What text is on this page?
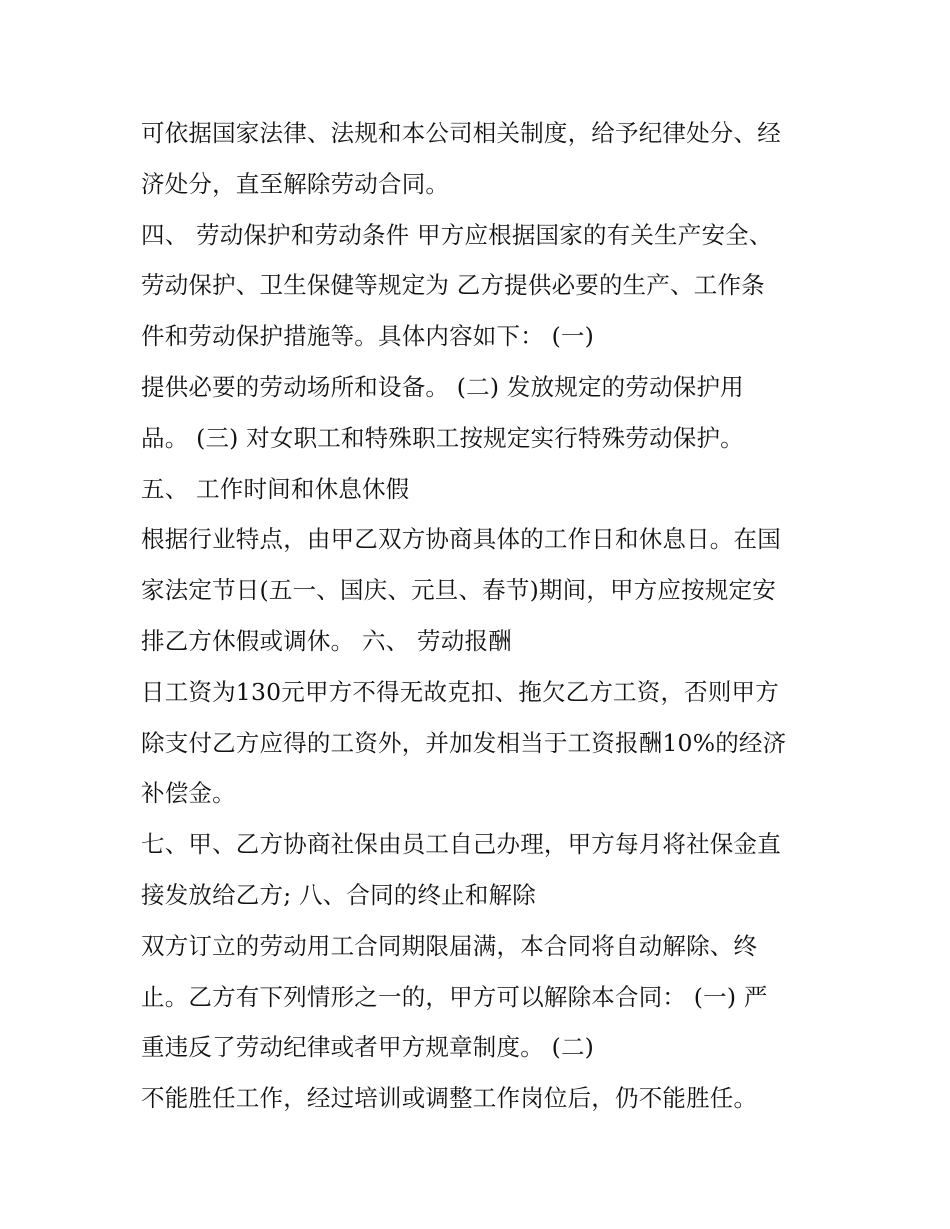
可依据国家法律、法规和本公司相关制度，给予纪律处分、经
济处分，直至解除劳动合同。
四、 劳动保护和劳动条件 甲方应根据国家的有关生产安全、
劳动保护、卫生保健等规定为 乙方提供必要的生产、工作条
件和劳动保护措施等。具体内容如下： (一)
提供必要的劳动场所和设备。 (二) 发放规定的劳动保护用
品。 (三) 对女职工和特殊职工按规定实行特殊劳动保护。
五、 工作时间和休息休假
根据行业特点，由甲乙双方协商具体的工作日和休息日。在国
家法定节日(五一、国庆、元旦、春节)期间，甲方应按规定安
排乙方休假或调休。 六、 劳动报酬
日工资为130元甲方不得无故克扣、拖欠乙方工资，否则甲方
除支付乙方应得的工资外，并加发相当于工资报酬10%的经济
补偿金。
七、甲、乙方协商社保由员工自己办理，甲方每月将社保金直
接发放给乙方; 八、合同的终止和解除
双方订立的劳动用工合同期限届满，本合同将自动解除、终
止。乙方有下列情形之一的，甲方可以解除本合同： (一) 严
重违反了劳动纪律或者甲方规章制度。 (二)
不能胜任工作，经过培训或调整工作岗位后，仍不能胜任。
